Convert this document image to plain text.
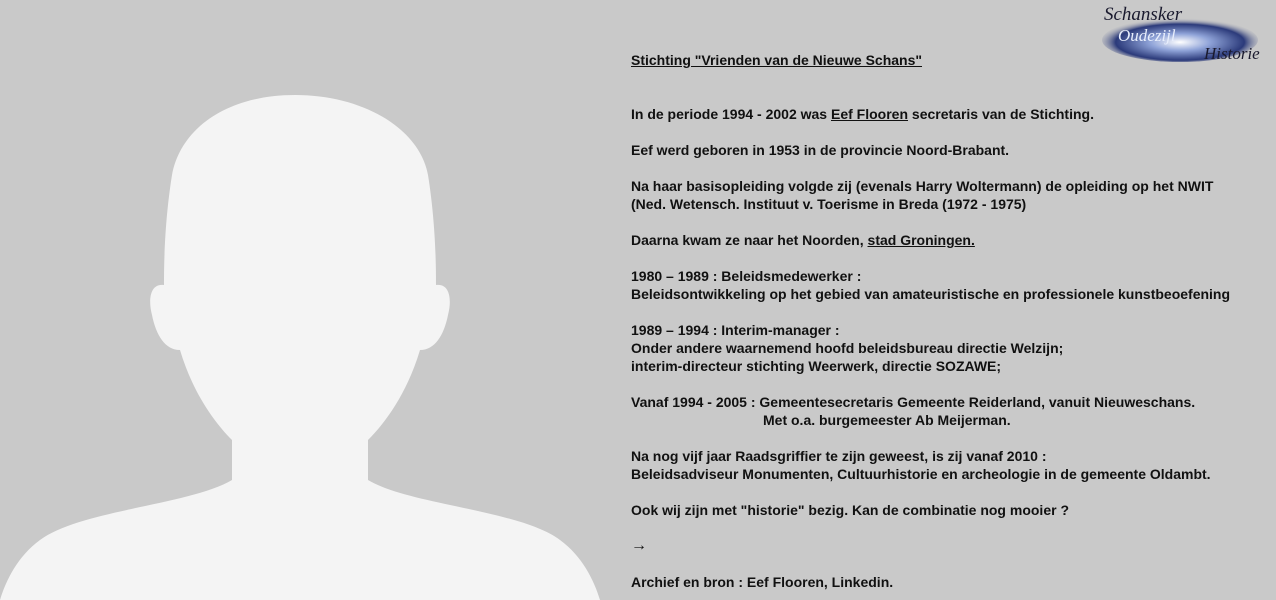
Schansker
Oudezijl
Historie
Stichting "Vrienden van de Nieuwe Schans"
In de periode 1994 - 2002 was Eef Flooren secretaris van de Stichting.
Eef werd geboren in 1953 in de provincie Noord-Brabant.
Na haar basisopleiding volgde zij (evenals Harry Woltermann) de opleiding op het NWIT
(Ned. Wetensch. Instituut v. Toerisme in Breda (1972 - 1975)
Daarna kwam ze naar het Noorden, stad Groningen.
1980 – 1989 : Beleidsmedewerker :
Beleidsontwikkeling op het gebied van amateuristische en professionele kunstbeoefening
1989 – 1994 : Interim-manager :
Onder andere waarnemend hoofd beleidsbureau directie Welzijn;
interim-directeur stichting Weerwerk, directie SOZAWE;
Vanaf 1994 - 2005 : Gemeentesecretaris Gemeente Reiderland, vanuit Nieuweschans.
Met o.a. burgemeester Ab Meijerman.
Na nog vijf jaar Raadsgriffier te zijn geweest, is zij vanaf 2010 :
Beleidsadviseur Monumenten, Cultuurhistorie en archeologie in de gemeente Oldambt.
Ook wij zijn met "historie" bezig. Kan de combinatie nog mooier ?
→
Archief en bron : Eef Flooren, Linkedin.
